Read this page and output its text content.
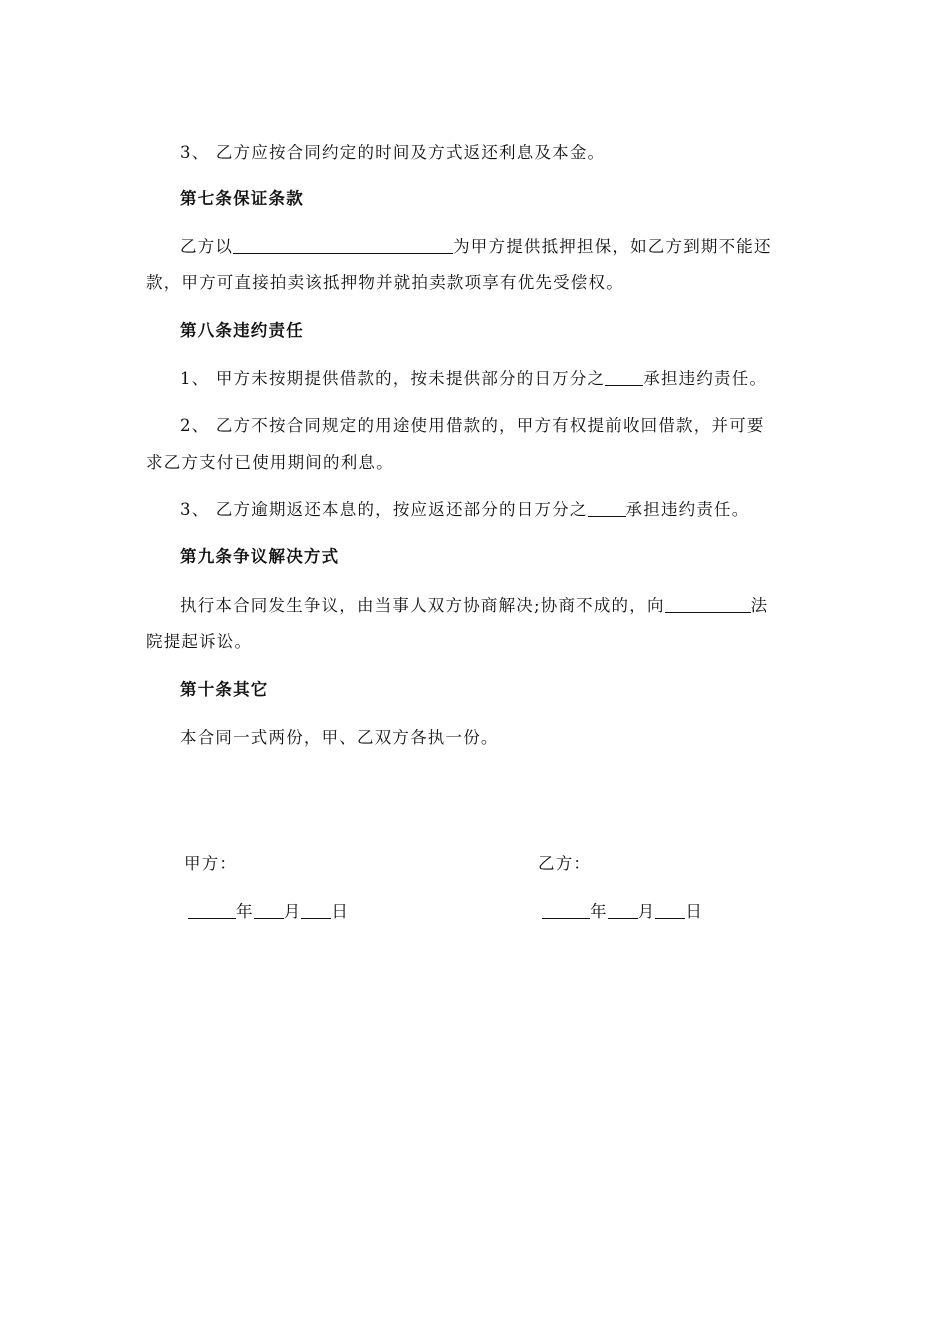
3、 乙方应按合同约定的时间及方式返还利息及本金。
第七条保证条款
乙方以	为甲方提供抵押担保，如乙方到期不能还
款，甲方可直接拍卖该抵押物并就拍卖款项享有优先受偿权。
第八条违约责任
1、 甲方未按期提供借款的，按未提供部分的日万分之 承担违约责任。
2、 乙方不按合同规定的用途使用借款的，甲方有权提前收回借款，并可要
求乙方支付已使用期间的利息。
3、 乙方逾期返还本息的，按应返还部分的日万分之 承担违约责任。
第九条争议解决方式
执行本合同发生争议，由当事人双方协商解决;协商不成的，向	法
院提起诉讼。
第十条其它
本合同一式两份，甲、乙双方各执一份。
甲方：	乙方：
年 月 日	年 月 日
